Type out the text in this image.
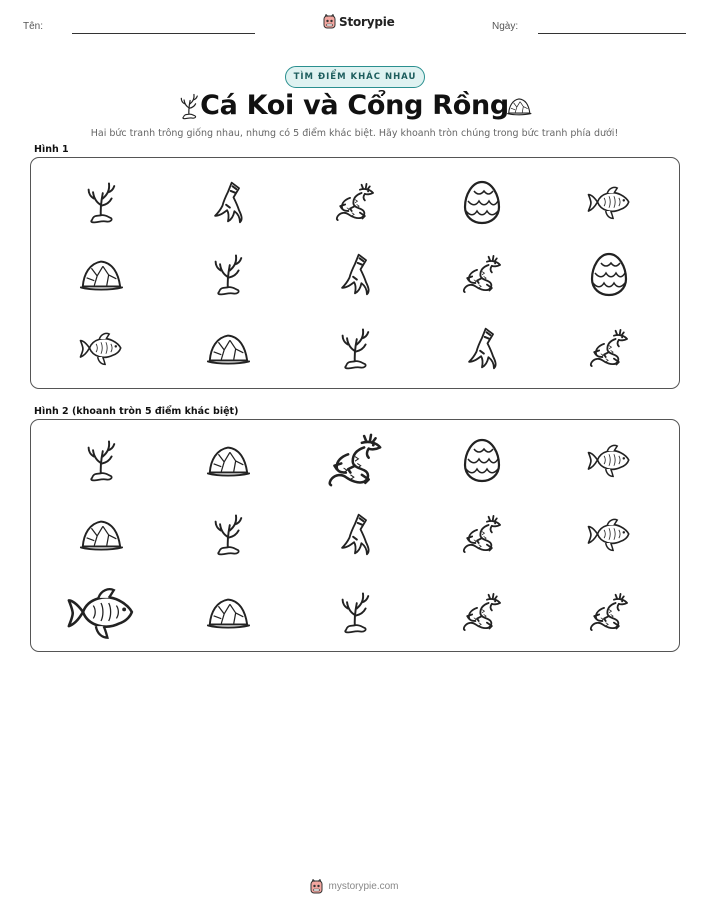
Tên:	Storypie	Ngày:
TÌM ĐIỂM KHÁC NHAU
Cá Koi và Cổng Rồng
Hai bức tranh trông giống nhau, nhưng có 5 điểm khác biệt. Hãy khoanh tròn chúng trong bức tranh phía dưới!
Hình 1
Hình 2 (khoanh tròn 5 điểm khác biệt)
mystorypie.com
